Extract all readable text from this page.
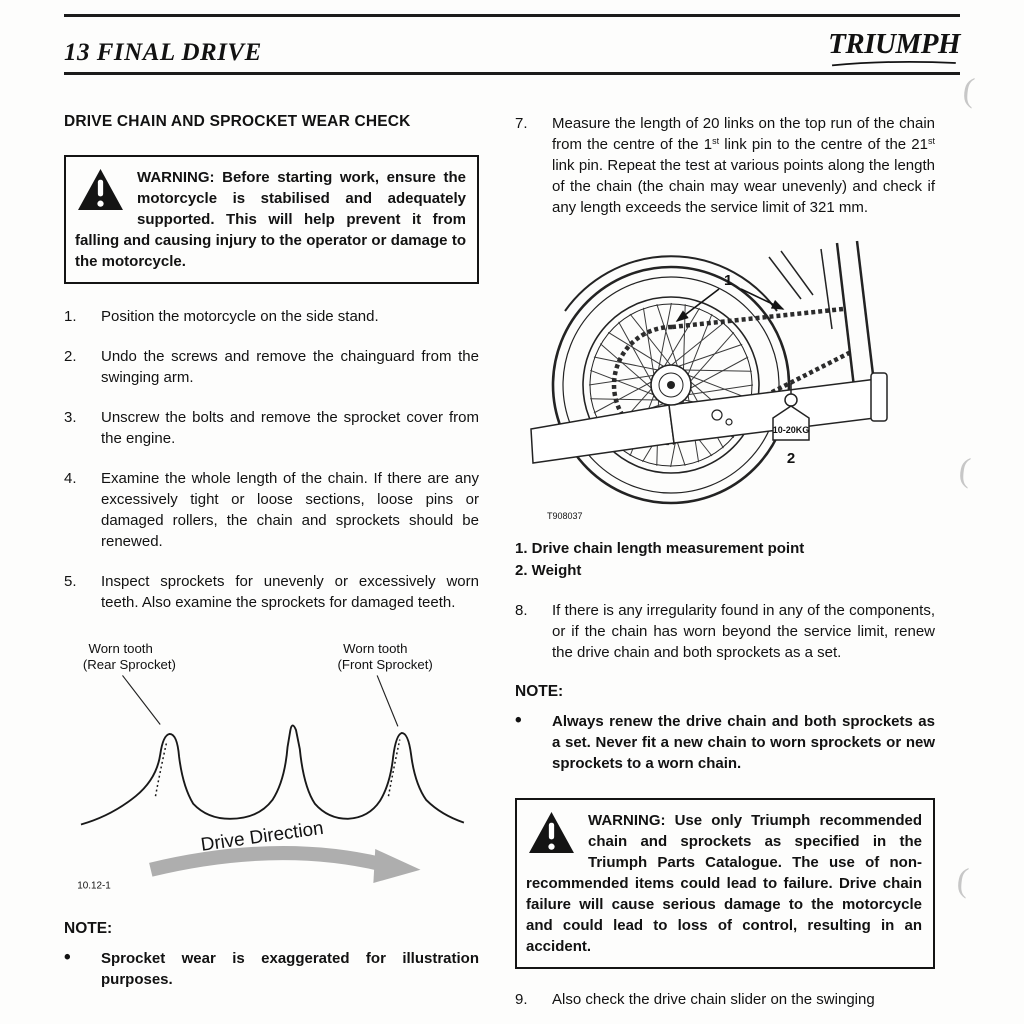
13 FINAL DRIVE	TRIUMPH
(
(
(
DRIVE CHAIN AND SPROCKET WEAR CHECK
WARNING: Before starting work, ensure the motorcycle is stabilised and adequately supported. This will help prevent it from falling and causing injury to the operator or damage to the motorcycle.
1.	Position the motorcycle on the side stand.
2.	Undo the screws and remove the chainguard from the swinging arm.
3.	Unscrew the bolts and remove the sprocket cover from the engine.
4.	Examine the whole length of the chain. If there are any excessively tight or loose sections, loose pins or damaged rollers, the chain and sprockets should be renewed.
5.	Inspect sprockets for unevenly or excessively worn teeth. Also examine the sprockets for damaged teeth.
Worn tooth
(Rear Sprocket)
Worn tooth
(Front Sprocket)
Drive Direction
10.12-1
NOTE:
•	Sprocket wear is exaggerated for illustration purposes.
7.	Measure the length of 20 links on the top run of the chain from the centre of the 1st link pin to the centre of the 21st link pin. Repeat the test at various points along the length of the chain (the chain may wear unevenly) and check if any length exceeds the service limit of 321 mm.
10-20KG
2
1
T908037
1. Drive chain length measurement point
2. Weight
8.	If there is any irregularity found in any of the components, or if the chain has worn beyond the service limit, renew the drive chain and both sprockets as a set.
NOTE:
•	Always renew the drive chain and both sprockets as a set. Never fit a new chain to worn sprockets or new sprockets to a worn chain.
WARNING: Use only Triumph recommended chain and sprockets as specified in the Triumph Parts Catalogue. The use of non-recommended items could lead to failure. Drive chain failure will cause serious damage to the motorcycle and could lead to loss of control, resulting in an accident.
9.	Also check the drive chain slider on the swinging
